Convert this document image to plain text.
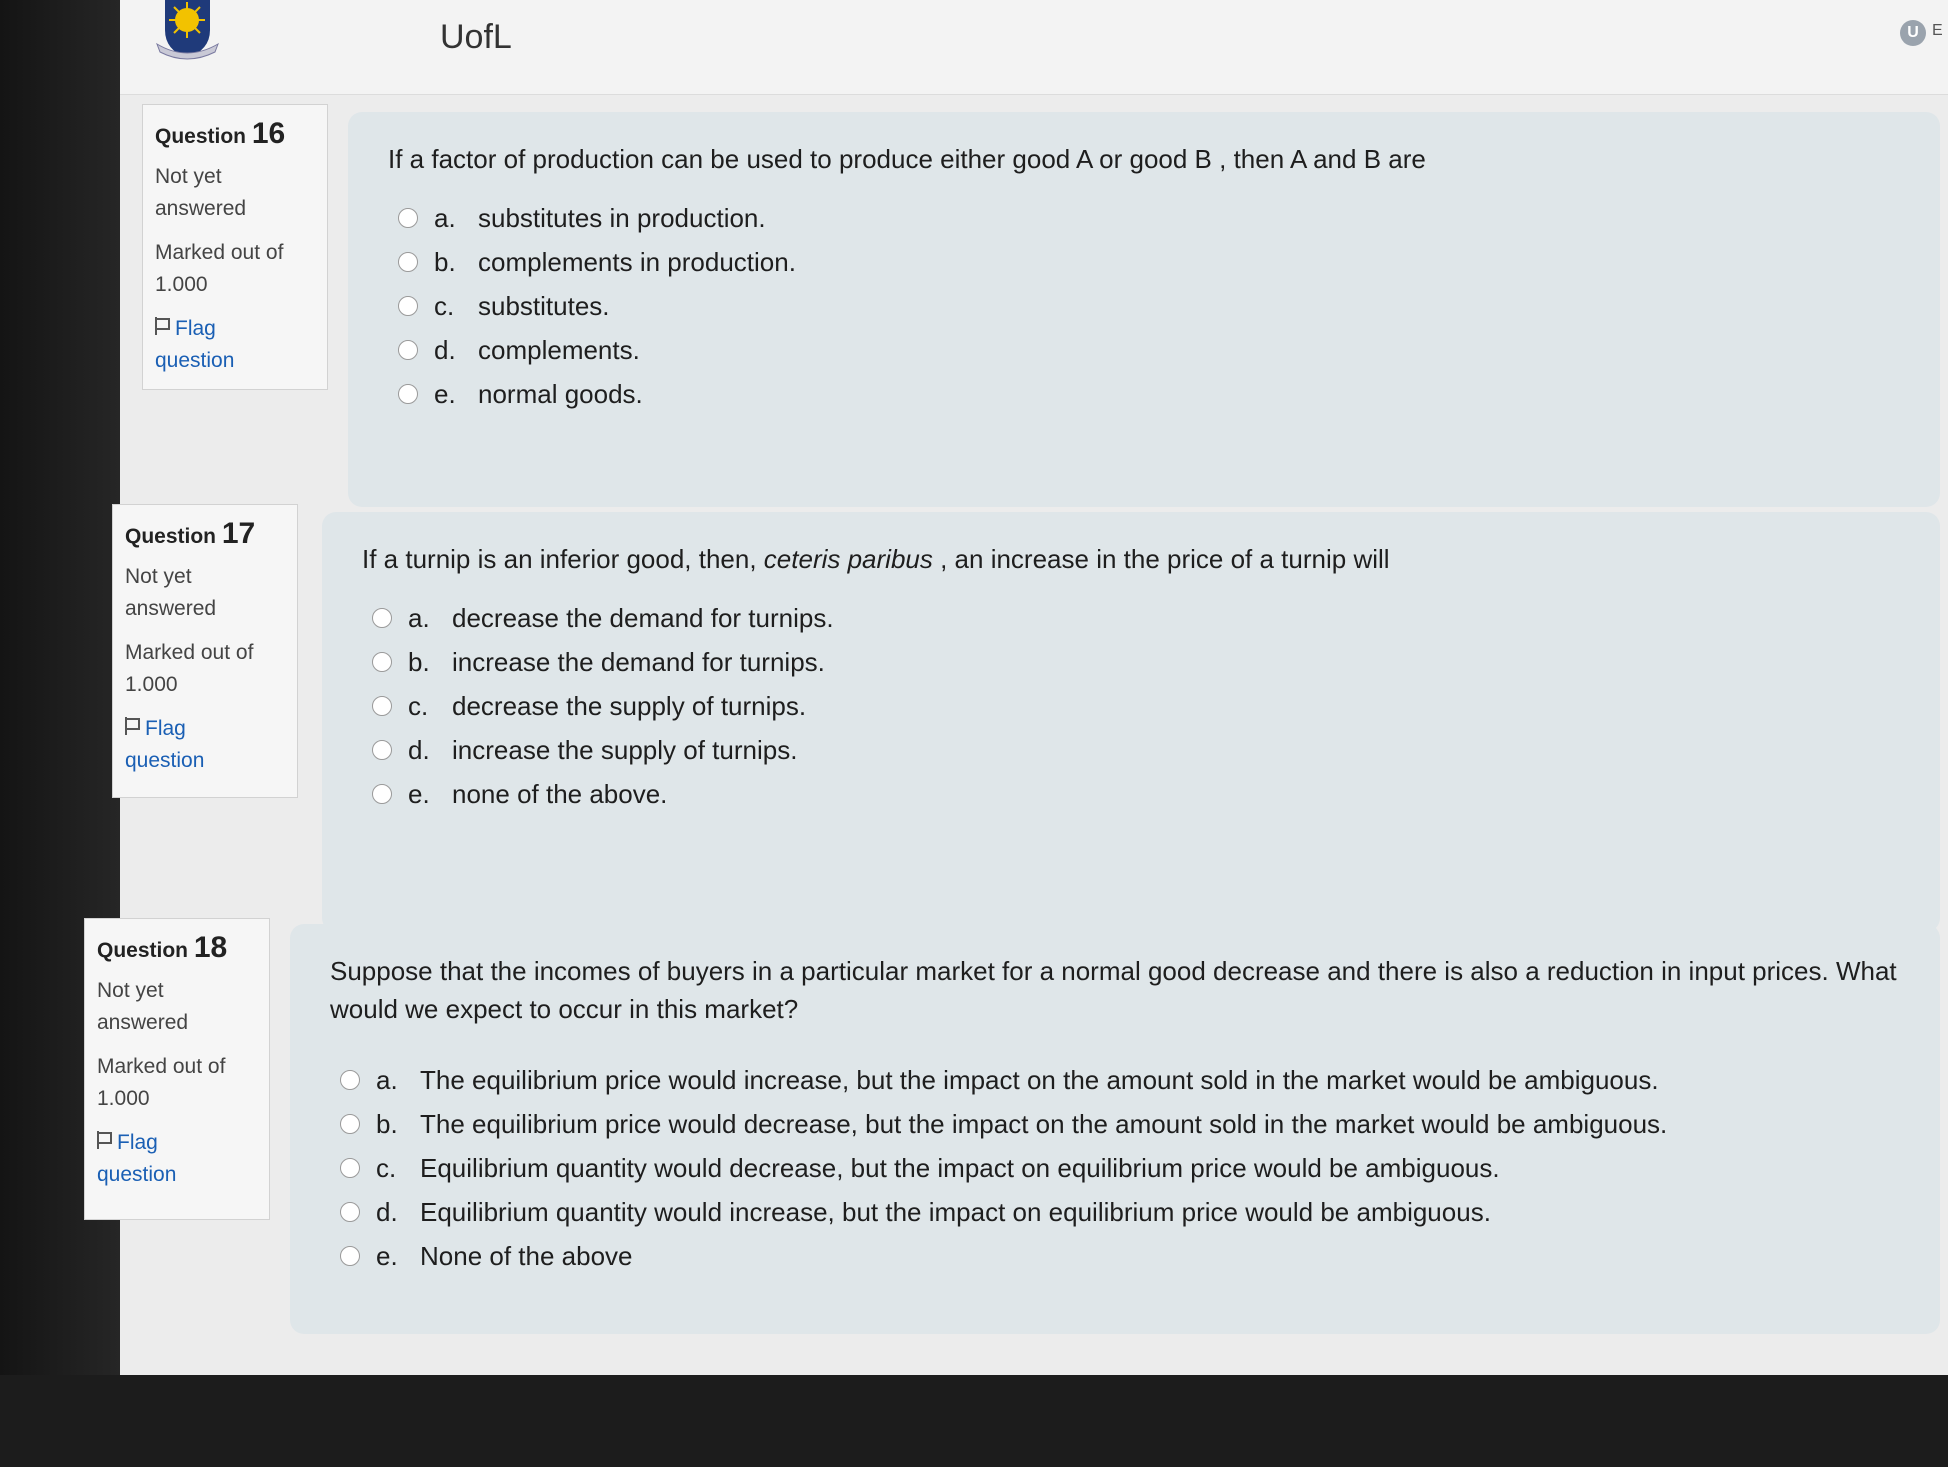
UofL	U E
Question 16
Not yet
answered
Marked out of
1.000
Flag
question
If a factor of production can be used to produce either good A or good B , then A and B are
a. substitutes in production.
b. complements in production.
c. substitutes.
d. complements.
e. normal goods.
Question 17
Not yet
answered
Marked out of
1.000
Flag
question
If a turnip is an inferior good, then, ceteris paribus , an increase in the price of a turnip will
a. decrease the demand for turnips.
b. increase the demand for turnips.
c. decrease the supply of turnips.
d. increase the supply of turnips.
e. none of the above.
Question 18
Not yet
answered
Marked out of
1.000
Flag
question
Suppose that the incomes of buyers in a particular market for a normal good decrease and there is also a reduction in input prices. What would we expect to occur in this market?
a. The equilibrium price would increase, but the impact on the amount sold in the market would be ambiguous.
b. The equilibrium price would decrease, but the impact on the amount sold in the market would be ambiguous.
c. Equilibrium quantity would decrease, but the impact on equilibrium price would be ambiguous.
d. Equilibrium quantity would increase, but the impact on equilibrium price would be ambiguous.
e. None of the above
